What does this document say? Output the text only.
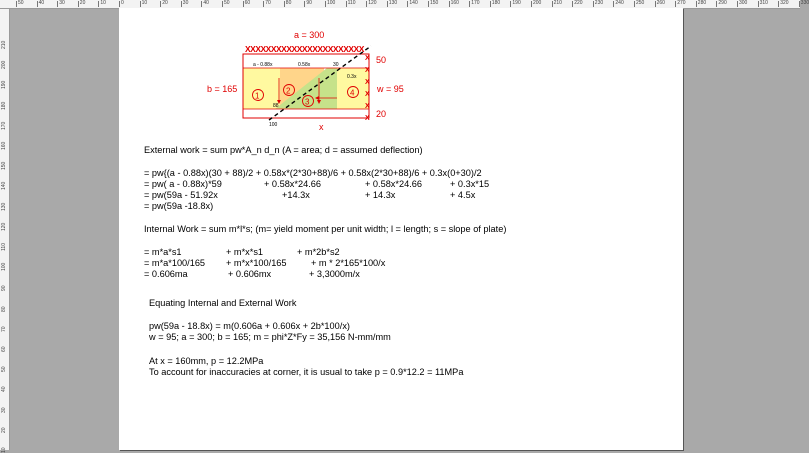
50	40	30	20	10	0	10	20	30	40	50	60	70	80	90	100 110	120 130 140 150 160 170 180 190 200 210 220 230 240 250 260 270 280 290 300 310 320 330
210
200
190
180
170
160
150
140
130
120
110
100
90
80
70
60
50
40
30
20
10
a = 300
XXXXXXXXXXXXXXXXXXXXXXX
X
X
X
X
X
X
a - 0.88x	0.58x	30
0.3x
88
100
1
2
3
4
b = 165
50
w = 95
20
x
External work = sum pw*A_n d_n (A = area; d = assumed deflection)
= pw{(a - 0.88x)(30 + 88)/2 + 0.58x*(2*30+88)/6 + 0.58x(2*30+88)/6 + 0.3x(0+30)/2
= pw( a - 0.88x)*59	+ 0.58x*24.66	+ 0.58x*24.66	+ 0.3x*15
= pw(59a - 51.92x	+14.3x	+ 14.3x	+ 4.5x
= pw(59a -18.8x)
Internal Work = sum m*l*s; (m= yield moment per unit width; l = length; s = slope of plate)
= m*a*s1	+ m*x*s1	+ m*2b*s2
= m*a*100/165 + m*x*100/165	+ m * 2*165*100/x
= 0.606ma	+ 0.606mx	+ 3,3000m/x
Equating Internal and External Work
pw(59a - 18.8x) = m(0.606a + 0.606x + 2b*100/x)
w = 95; a = 300; b = 165; m = phi*Z*Fy = 35,156 N-mm/mm
At x = 160mm, p = 12.2MPa
To account for inaccuracies at corner, it is usual to take p = 0.9*12.2 = 11MPa
